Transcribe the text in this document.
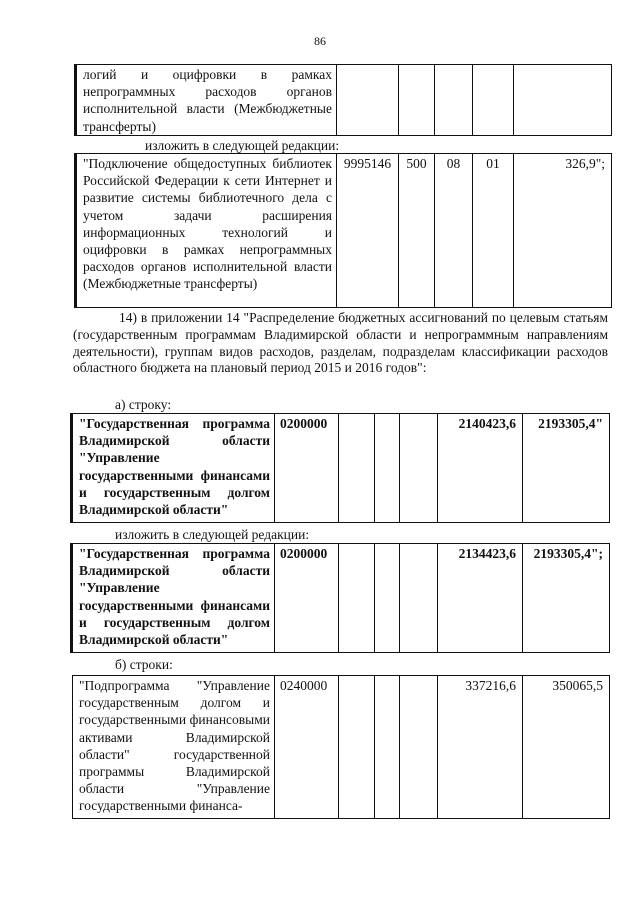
86
логий и оцифровки в рамках непрограммных расходов органов исполнительной власти (Межбюджетные трансферты)					
изложить в следующей редакции:
"Подключение общедоступных библиотек Российской Федерации к сети Интернет и развитие системы библиотечного дела с учетом задачи расширения информационных технологий и оцифровки в рамках непрограммных расходов органов исполнительной власти (Межбюджетные трансферты)	9995146	500	08	01	326,9";
14) в приложении 14 "Распределение бюджетных ассигнований по целевым статьям (государственным программам Владимирской области и непрограммным направлениям деятельности), группам видов расходов, разделам, подразделам классификации расходов областного бюджета на плановый период 2015 и 2016 годов":
а) строку:
"Государственная программа Владимирской области "Управление государственными финансами и государственным долгом Владимирской области"	0200000				2140423,6	2193305,4"
изложить в следующей редакции:
"Государственная программа Владимирской области "Управление государственными финансами и государственным долгом Владимирской области"	0200000				2134423,6	2193305,4";
б) строки:
"Подпрограмма "Управление государственным долгом и государственными финансовыми активами Владимирской области" государственной программы Владимирской области "Управление государственными финанса-	0240000				337216,6	350065,5
